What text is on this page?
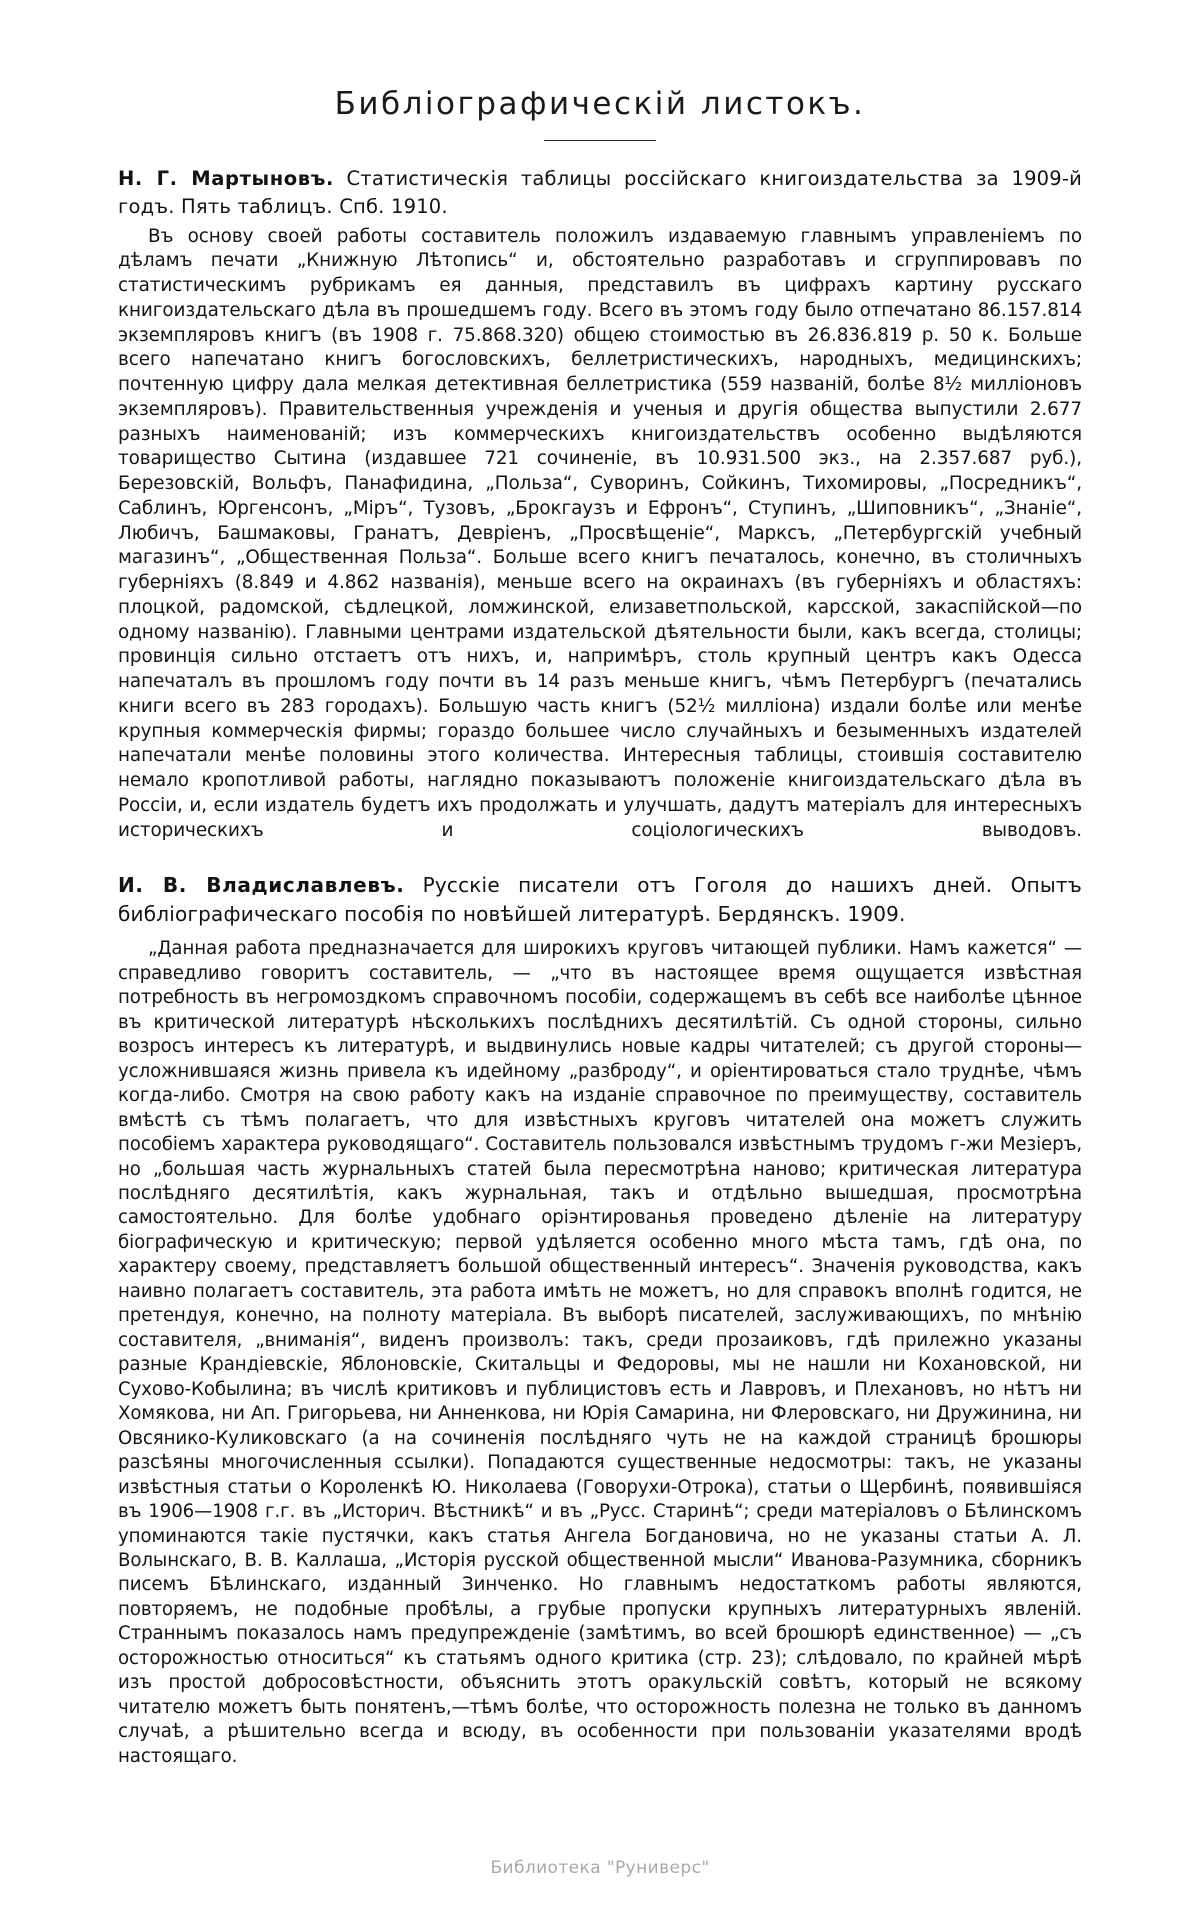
Библіографическій листокъ.

Н. Г. Мартыновъ. Статистическія таблицы россійскаго книгоиздательства за 1909-й годъ. Пять таблицъ. Спб. 1910.

Въ основу своей работы составитель положилъ издаваемую главнымъ управленіемъ по дѣламъ печати „Книжную Лѣтопись“ и, обстоятельно разработавъ и сгруппировавъ по статистическимъ рубрикамъ ея данныя, представилъ въ цифрахъ картину русскаго книгоиздательскаго дѣла въ прошедшемъ году. Всего въ этомъ году было отпечатано 86.157.814 экземпляровъ книгъ (въ 1908 г. 75.868.320) общею стоимостью въ 26.836.819 р. 50 к. Больше всего напечатано книгъ богословскихъ, беллетристическихъ, народныхъ, медицинскихъ; почтенную цифру дала мелкая детективная беллетристика (559 названій, болѣе 8½ милліоновъ экземпляровъ). Правительственныя учрежденія и ученыя и другія общества выпустили 2.677 разныхъ наименованій; изъ коммерческихъ книгоиздательствъ особенно выдѣляются товарищество Сытина (издавшее 721 сочиненіе, въ 10.931.500 экз., на 2.357.687 руб.), Березовскій, Вольфъ, Панафидина, „Польза“, Суворинъ, Сойкинъ, Тихомировы, „Посредникъ“, Саблинъ, Юргенсонъ, „Міръ“, Тузовъ, „Брокгаузъ и Ефронъ“, Ступинъ, „Шиповникъ“, „Знаніе“, Любичъ, Башмаковы, Гранатъ, Девріенъ, „Просвѣщеніе“, Марксъ, „Петербургскій учебный магазинъ“, „Общественная Польза“. Больше всего книгъ печаталось, конечно, въ столичныхъ губерніяхъ (8.849 и 4.862 названія), меньше всего на окраинахъ (въ губерніяхъ и областяхъ: плоцкой, радомской, сѣдлецкой, ломжинской, елизаветпольской, карсской, закаспійской—по одному названію). Главными центрами издательской дѣятельности были, какъ всегда, столицы; провинція сильно отстаетъ отъ нихъ, и, напримѣръ, столь крупный центръ какъ Одесса напечаталъ въ прошломъ году почти въ 14 разъ меньше книгъ, чѣмъ Петербургъ (печатались книги всего въ 283 городахъ). Большую часть книгъ (52½ милліона) издали болѣе или менѣе крупныя коммерческія фирмы; гораздо большее число случайныхъ и безыменныхъ издателей напечатали менѣе половины этого количества. Интересныя таблицы, стоившія составителю немало кропотливой работы, наглядно показываютъ положеніе книгоиздательскаго дѣла въ Россіи, и, если издатель будетъ ихъ продолжать и улучшать, дадутъ матеріалъ для интересныхъ историческихъ и соціологическихъ выводовъ.

И. В. Владиславлевъ. Русскіе писатели отъ Гоголя до нашихъ дней. Опытъ библіографическаго пособія по новѣйшей литературѣ. Бердянскъ. 1909.

„Данная работа предназначается для широкихъ круговъ читающей публики. Намъ кажется“ — справедливо говоритъ составитель, — „что въ настоящее время ощущается извѣстная потребность въ негромоздкомъ справочномъ пособіи, содержащемъ въ себѣ все наиболѣе цѣнное въ критической литературѣ нѣсколькихъ послѣднихъ десятилѣтій. Съ одной стороны, сильно возросъ интересъ къ литературѣ, и выдвинулись новые кадры читателей; съ другой стороны—усложнившаяся жизнь привела къ идейному „разброду“, и оріентироваться стало труднѣе, чѣмъ когда-либо. Смотря на свою работу какъ на изданіе справочное по преимуществу, составитель вмѣстѣ съ тѣмъ полагаетъ, что для извѣстныхъ круговъ читателей она можетъ служить пособіемъ характера руководящаго“. Составитель пользовался извѣстнымъ трудомъ г-жи Мезіеръ, но „большая часть журнальныхъ статей была пересмотрѣна наново; критическая литература послѣдняго десятилѣтія, какъ журнальная, такъ и отдѣльно вышедшая, просмотрѣна самостоятельно. Для болѣе удобнаго оріэнтированья проведено дѣленіе на литературу біографическую и критическую; первой удѣляется особенно много мѣста тамъ, гдѣ она, по характеру своему, представляетъ большой общественный интересъ“. Значенія руководства, какъ наивно полагаетъ составитель, эта работа имѣть не можетъ, но для справокъ вполнѣ годится, не претендуя, конечно, на полноту матеріала. Въ выборѣ писателей, заслуживающихъ, по мнѣнію составителя, „вниманія“, виденъ произволъ: такъ, среди прозаиковъ, гдѣ прилежно указаны разные Крандіевскіе, Яблоновскіе, Скитальцы и Федоровы, мы не нашли ни Кохановской, ни Сухово-Кобылина; въ числѣ критиковъ и публицистовъ есть и Лавровъ, и Плехановъ, но нѣтъ ни Хомякова, ни Ап. Григорьева, ни Анненкова, ни Юрія Самарина, ни Флеровскаго, ни Дружинина, ни Овсянико-Куликовскаго (а на сочиненія послѣдняго чуть не на каждой страницѣ брошюры разсѣяны многочисленныя ссылки). Попадаются существенные недосмотры: такъ, не указаны извѣстныя статьи о Короленкѣ Ю. Николаева (Говорухи-Отрока), статьи о Щербинѣ, появившіяся въ 1906—1908 г.г. въ „Историч. Вѣстникѣ“ и въ „Русс. Старинѣ“; среди матеріаловъ о Бѣлинскомъ упоминаются такіе пустячки, какъ статья Ангела Богдановича, но не указаны статьи А. Л. Волынскаго, В. В. Каллаша, „Исторія русской общественной мысли“ Иванова-Разумника, сборникъ писемъ Бѣлинскаго, изданный Зинченко. Но главнымъ недостаткомъ работы являются, повторяемъ, не подобные пробѣлы, а грубые пропуски крупныхъ литературныхъ явленій. Страннымъ показалось намъ предупрежденіе (замѣтимъ, во всей брошюрѣ единственное) — „съ осторожностью относиться“ къ статьямъ одного критика (стр. 23); слѣдовало, по крайней мѣрѣ изъ простой добросовѣстности, объяснить этотъ оракульскій совѣтъ, который не всякому читателю можетъ быть понятенъ,—тѣмъ болѣе, что осторожность полезна не только въ данномъ случаѣ, а рѣшительно всегда и всюду, въ особенности при пользованіи указателями вродѣ настоящаго.

Библиотека "Руниверс"
